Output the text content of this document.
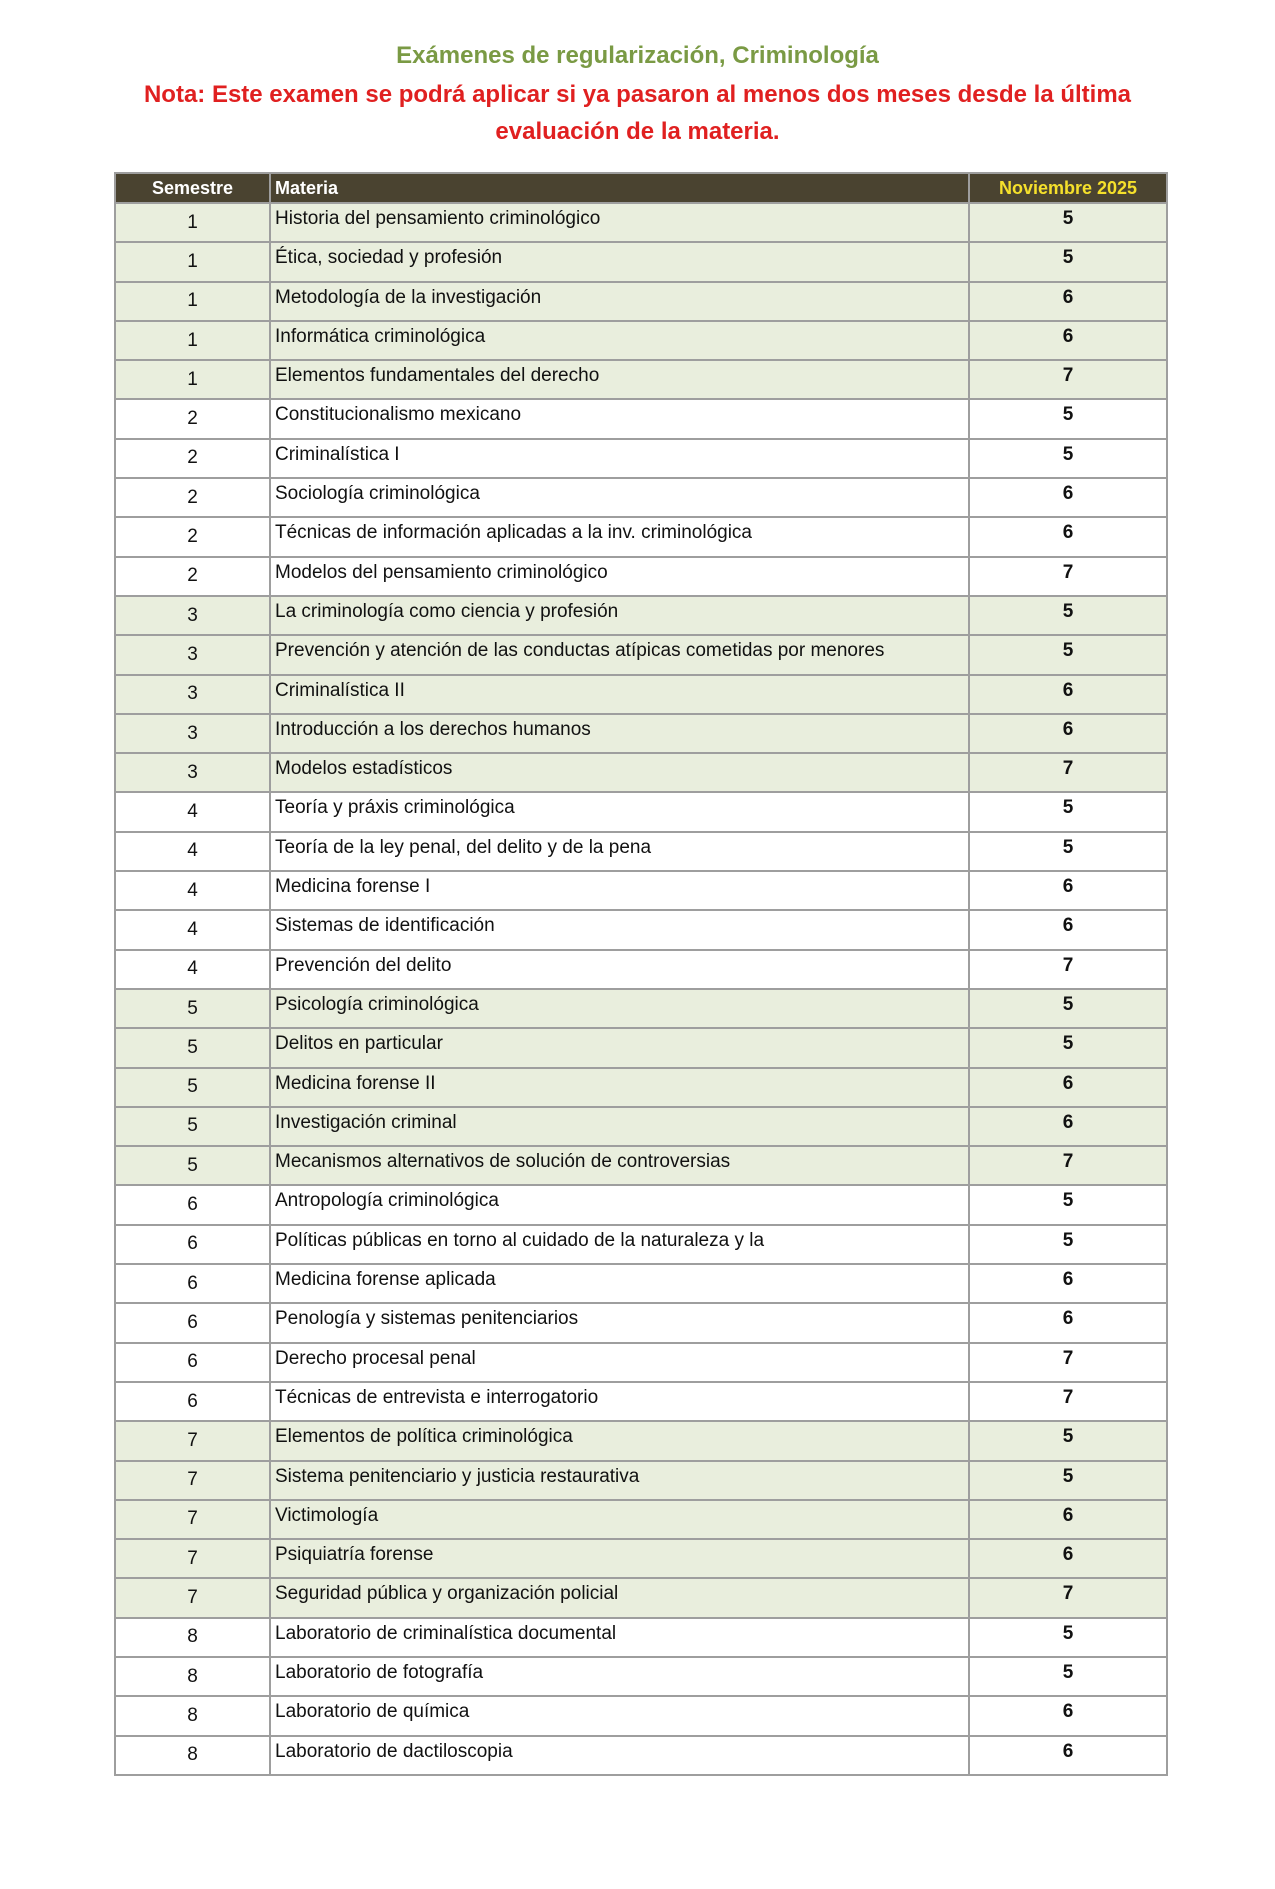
Exámenes de regularización, Criminología
Nota: Este examen se podrá aplicar si ya pasaron al menos dos meses desde la última evaluación de la materia.
Semestre	Materia	Noviembre 2025
1	Historia del pensamiento criminológico	5
1	Ética, sociedad y profesión	5
1	Metodología de la investigación	6
1	Informática criminológica	6
1	Elementos fundamentales del derecho	7
2	Constitucionalismo mexicano	5
2	Criminalística I	5
2	Sociología criminológica	6
2	Técnicas de información aplicadas a la inv. criminológica	6
2	Modelos del pensamiento criminológico	7
3	La criminología como ciencia y profesión	5
3	Prevención y atención de las conductas atípicas cometidas por menores	5
3	Criminalística II	6
3	Introducción a los derechos humanos	6
3	Modelos estadísticos	7
4	Teoría y práxis criminológica	5
4	Teoría de la ley penal, del delito y de la pena	5
4	Medicina forense I	6
4	Sistemas de identificación	6
4	Prevención del delito	7
5	Psicología criminológica	5
5	Delitos en particular	5
5	Medicina forense II	6
5	Investigación criminal	6
5	Mecanismos alternativos de solución de controversias	7
6	Antropología criminológica	5
6	Políticas públicas en torno al cuidado de la naturaleza y la	5
6	Medicina forense aplicada	6
6	Penología y sistemas penitenciarios	6
6	Derecho procesal penal	7
6	Técnicas de entrevista e interrogatorio	7
7	Elementos de política criminológica	5
7	Sistema penitenciario y justicia restaurativa	5
7	Victimología	6
7	Psiquiatría forense	6
7	Seguridad pública y organización policial	7
8	Laboratorio de criminalística documental	5
8	Laboratorio de fotografía	5
8	Laboratorio de química	6
8	Laboratorio de dactiloscopia	6
